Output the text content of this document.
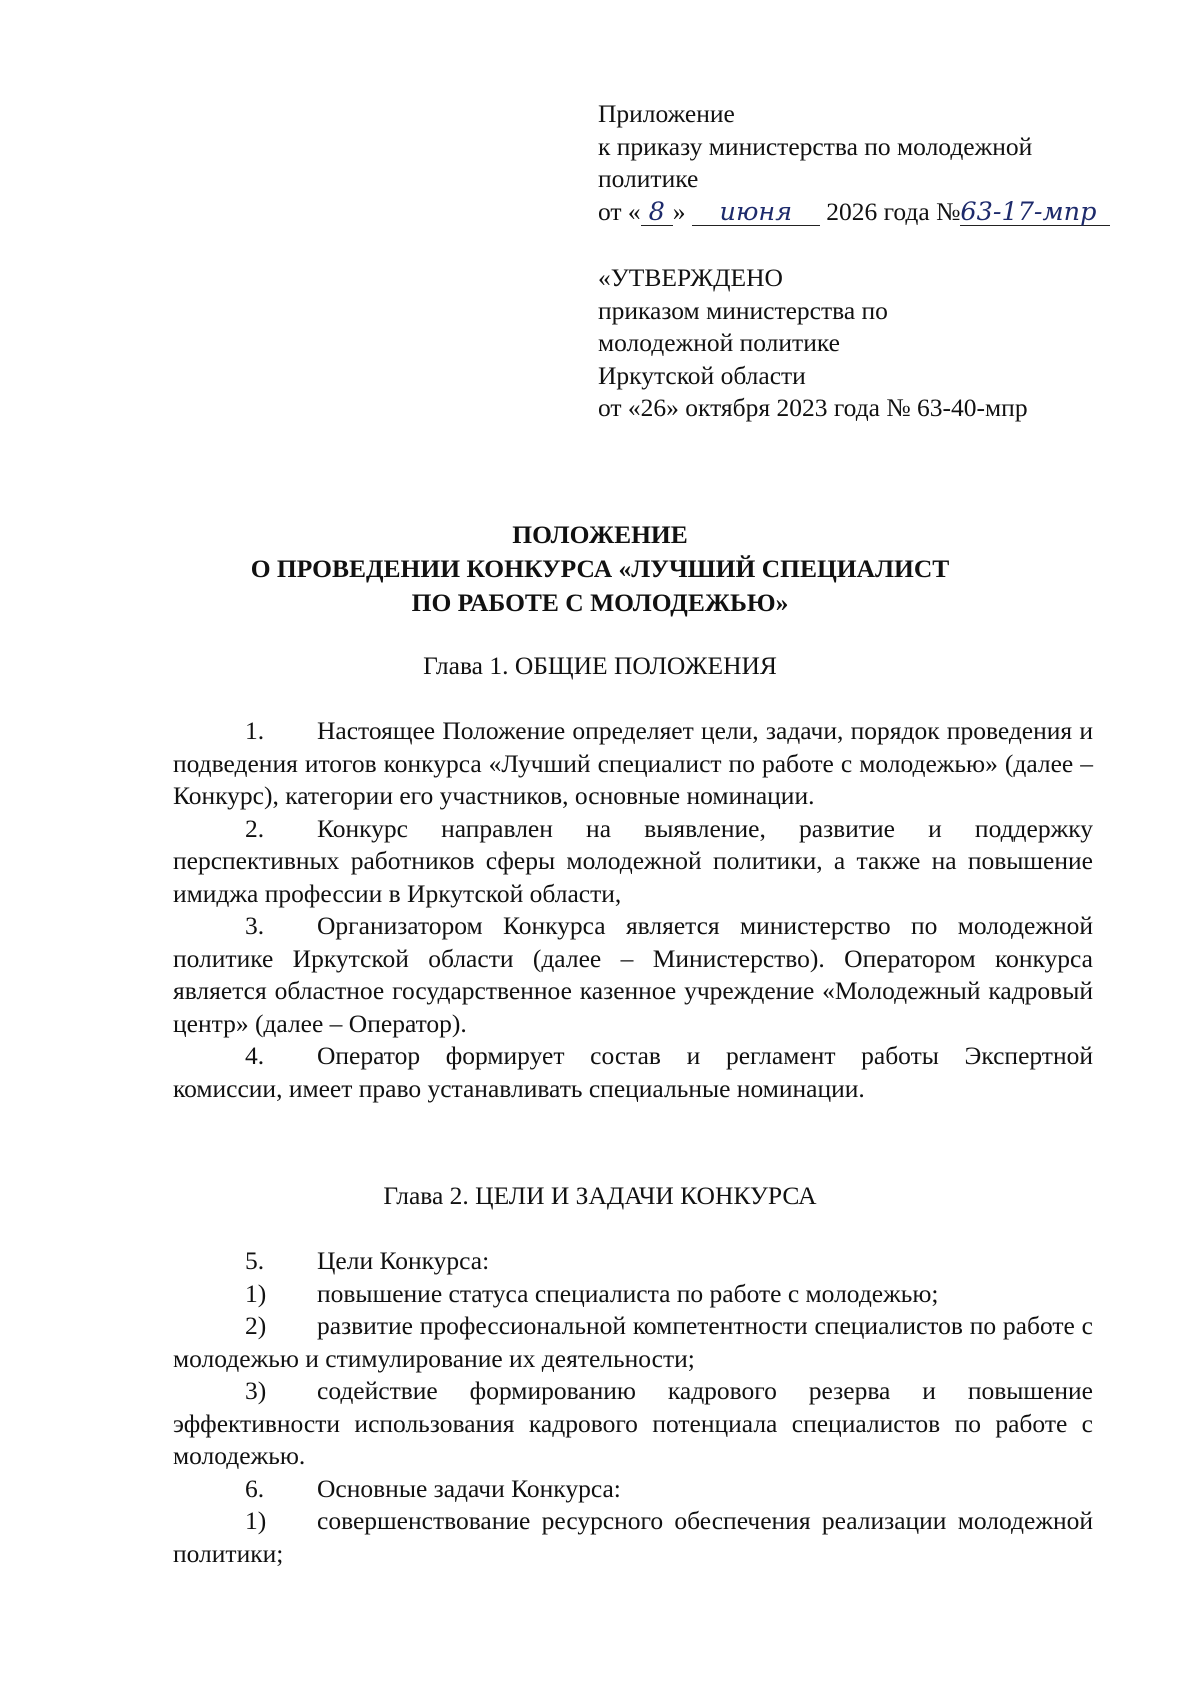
Приложение
к приказу министерства по молодежной
политике
от « 8 » июня 2026 года №63-17-мпр
«УТВЕРЖДЕНО
приказом министерства по
молодежной политике
Иркутской области
от «26» октября 2023 года № 63-40-мпр
ПОЛОЖЕНИЕ
О ПРОВЕДЕНИИ КОНКУРСА «ЛУЧШИЙ СПЕЦИАЛИСТ
ПО РАБОТЕ С МОЛОДЕЖЬЮ»
Глава 1. ОБЩИЕ ПОЛОЖЕНИЯ
1. Настоящее Положение определяет цели, задачи, порядок проведения и подведения итогов конкурса «Лучший специалист по работе с молодежью» (далее – Конкурс), категории его участников, основные номинации.
2. Конкурс направлен на выявление, развитие и поддержку перспективных работников сферы молодежной политики, а также на повышение имиджа профессии в Иркутской области,
3. Организатором Конкурса является министерство по молодежной политике Иркутской области (далее – Министерство). Оператором конкурса является областное государственное казенное учреждение «Молодежный кадровый центр» (далее – Оператор).
4. Оператор формирует состав и регламент работы Экспертной комиссии, имеет право устанавливать специальные номинации.
Глава 2. ЦЕЛИ И ЗАДАЧИ КОНКУРСА
5. Цели Конкурса:
1) повышение статуса специалиста по работе с молодежью;
2) развитие профессиональной компетентности специалистов по работе с молодежью и стимулирование их деятельности;
3) содействие формированию кадрового резерва и повышение эффективности использования кадрового потенциала специалистов по работе с молодежью.
6. Основные задачи Конкурса:
1) совершенствование ресурсного обеспечения реализации молодежной политики;
